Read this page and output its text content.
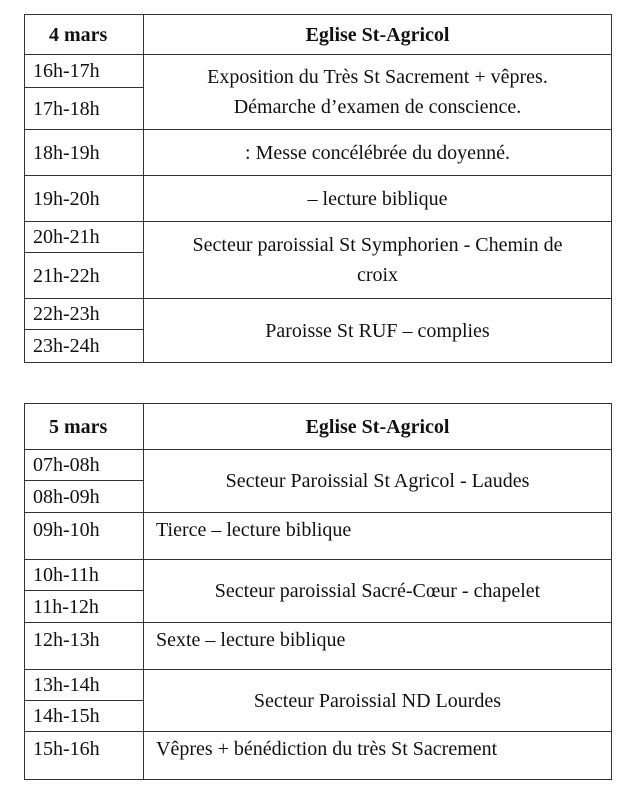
4 mars	Eglise St-Agricol
16h-17h	Exposition du Très St Sacrement + vêpres.
Démarche d’examen de conscience.

17h-18h	
18h-19h	: Messe concélébrée du doyenné.
19h-20h	– lecture biblique
20h-21h	Secteur paroissial St Symphorien - Chemin de
croix

21h-22h	
22h-23h	Paroisse St RUF – complies
23h-24h	
5 mars	Eglise St-Agricol
07h-08h	Secteur Paroissial St Agricol - Laudes
08h-09h	
09h-10h	Tierce – lecture biblique
10h-11h	Secteur paroissial Sacré-Cœur - chapelet
11h-12h	
12h-13h	Sexte – lecture biblique
13h-14h	Secteur Paroissial ND Lourdes
14h-15h	
15h-16h	Vêpres + bénédiction du très St Sacrement
